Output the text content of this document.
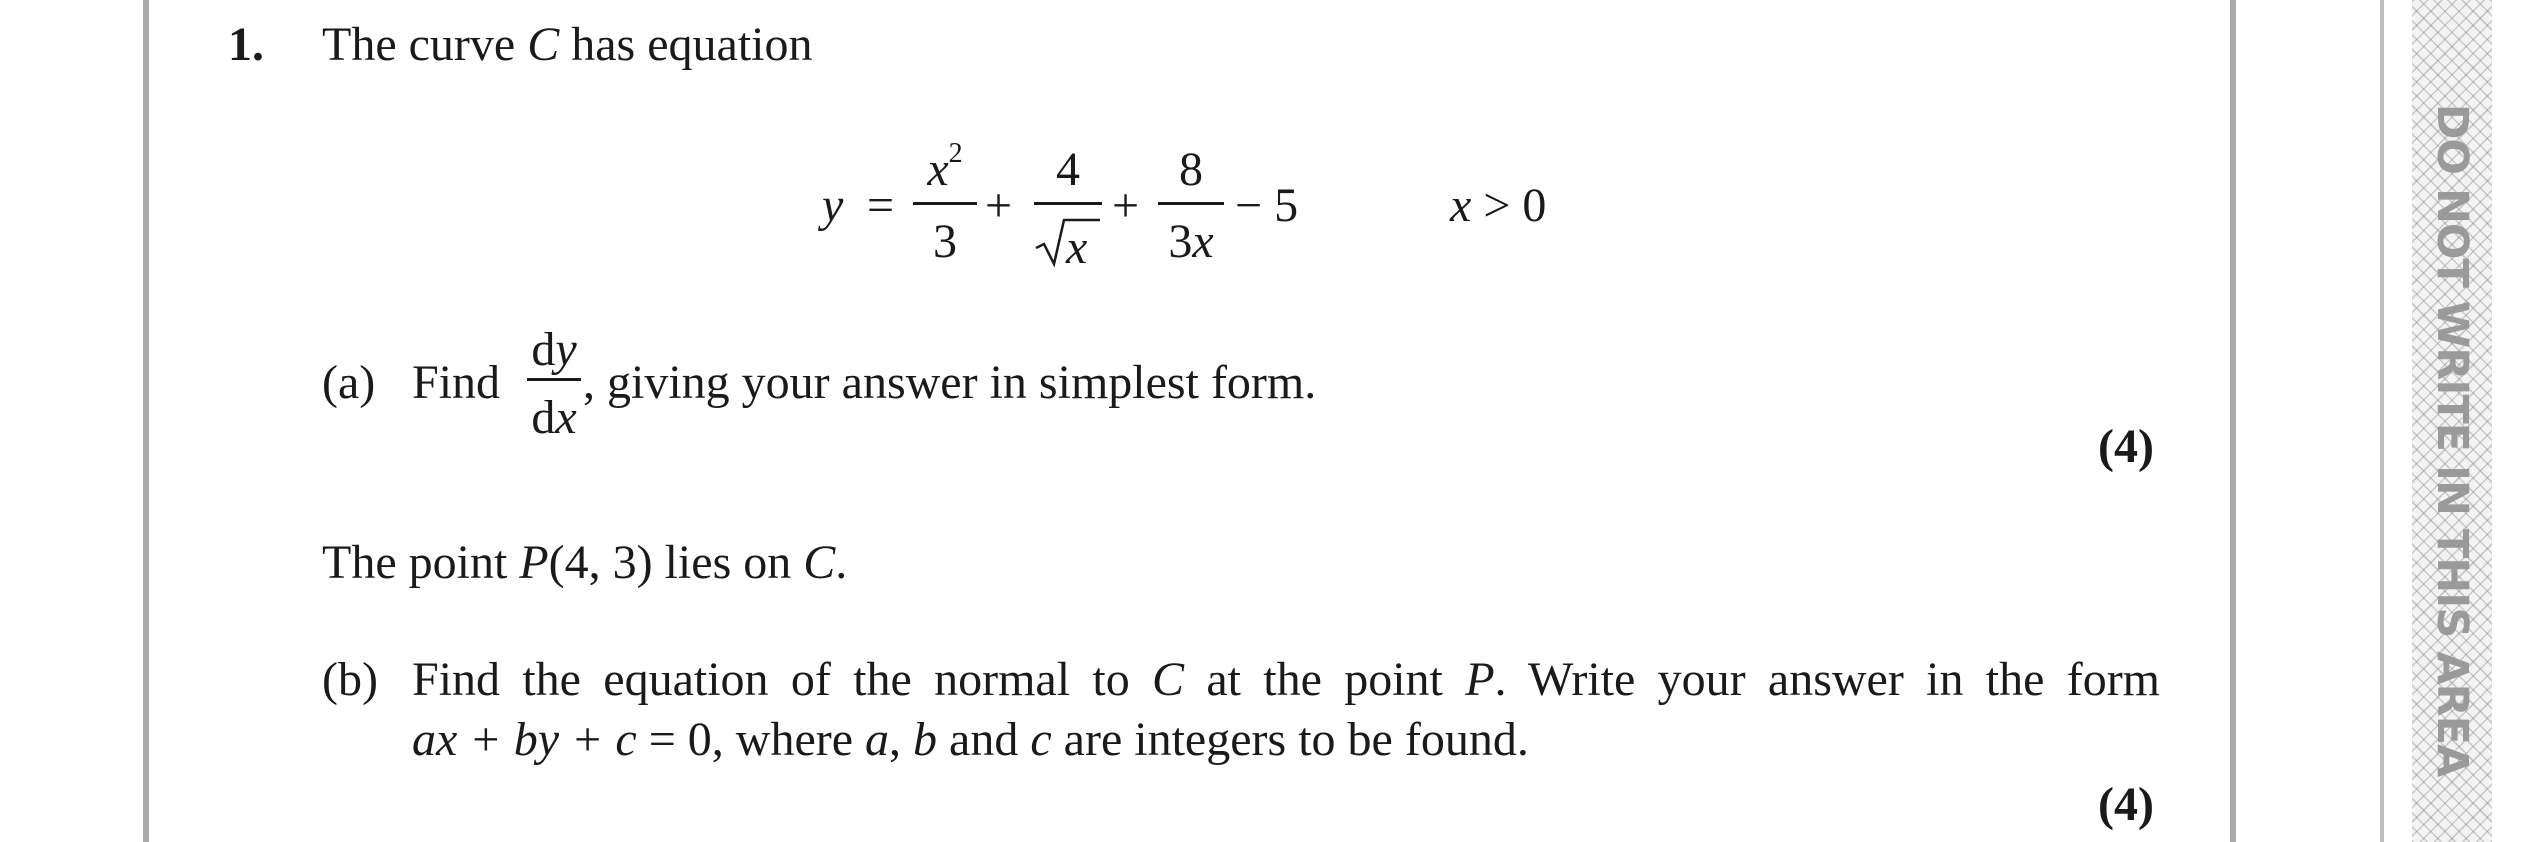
DO NOT WRITE IN THIS AREA
1. The curve C has equation
y =
$x^2$
3
+
4
x
+
8
3x
− 5	x > 0
(a) Find
dy
dx
, giving your answer in simplest form.
(4)
The point P(4, 3) lies on C.
(b) Find the equation of the normal to C at the point P. Write your answer in the form
ax + by + c = 0, where a, b and c are integers to be found.
(4)
